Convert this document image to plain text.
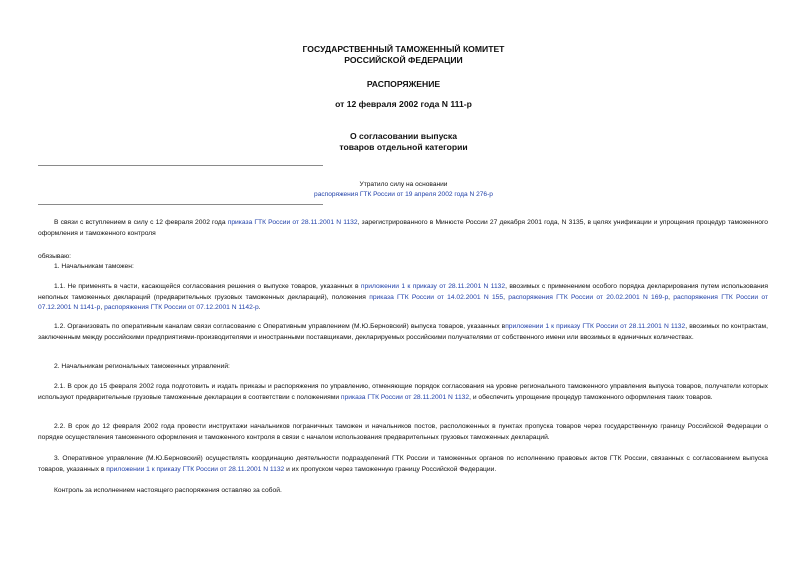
ГОСУДАРСТВЕННЫЙ ТАМОЖЕННЫЙ КОМИТЕТ
РОССИЙСКОЙ ФЕДЕРАЦИИ
РАСПОРЯЖЕНИЕ
от 12 февраля 2002 года N 111-р
О согласовании выпуска
товаров отдельной категории
Утратило силу на основании
распоряжения ГТК России от 19 апреля 2002 года N 276-р
В связи с вступлением в силу с 12 февраля 2002 года приказа ГТК России от 28.11.2001 N 1132, зарегистрированного в Минюсте России 27 декабря 2001 года, N 3135, в целях унификации и упрощения процедур таможенного оформления и таможенного контроля
обязываю:
1. Начальникам таможен:
1.1. Не применять в части, касающейся согласования решения о выпуске товаров, указанных в приложении 1 к приказу от 28.11.2001 N 1132, ввозимых с применением особого порядка декларирования путем использования неполных таможенных деклараций (предварительных грузовых таможенных деклараций), положения приказа ГТК России от 14.02.2001 N 155, распоряжения ГТК России от 20.02.2001 N 169-р, распоряжения ГТК России от 07.12.2001 N 1141-р, распоряжения ГТК России от 07.12.2001 N 1142-р.
1.2. Организовать по оперативным каналам связи согласование с Оперативным управлением (М.Ю.Берновский) выпуска товаров, указанных вприложении 1 к приказу ГТК России от 28.11.2001 N 1132, ввозимых по контрактам, заключенным между российскими предприятиями-производителями и иностранными поставщиками, декларируемых российскими получателями от собственного имени или ввозимых в единичных количествах.
2. Начальникам региональных таможенных управлений:
2.1. В срок до 15 февраля 2002 года подготовить и издать приказы и распоряжения по управлению, отменяющие порядок согласования на уровне регионального таможенного управления выпуска товаров, получатели которых используют предварительные грузовые таможенные декларации в соответствии с положениями приказа ГТК России от 28.11.2001 N 1132, и обеспечить упрощение процедур таможенного оформления таких товаров.
2.2. В срок до 12 февраля 2002 года провести инструктажи начальников пограничных таможен и начальников постов, расположенных в пунктах пропуска товаров через государственную границу Российской Федерации о порядке осуществления таможенного оформления и таможенного контроля в связи с началом использования предварительных грузовых таможенных деклараций.
3. Оперативное управление (М.Ю.Берновский) осуществлять координацию деятельности подразделений ГТК России и таможенных органов по исполнению правовых актов ГТК России, связанных с согласованием выпуска товаров, указанных в приложении 1 к приказу ГТК России от 28.11.2001 N 1132 и их пропуском через таможенную границу Российской Федерации.
Контроль за исполнением настоящего распоряжения оставляю за собой.
